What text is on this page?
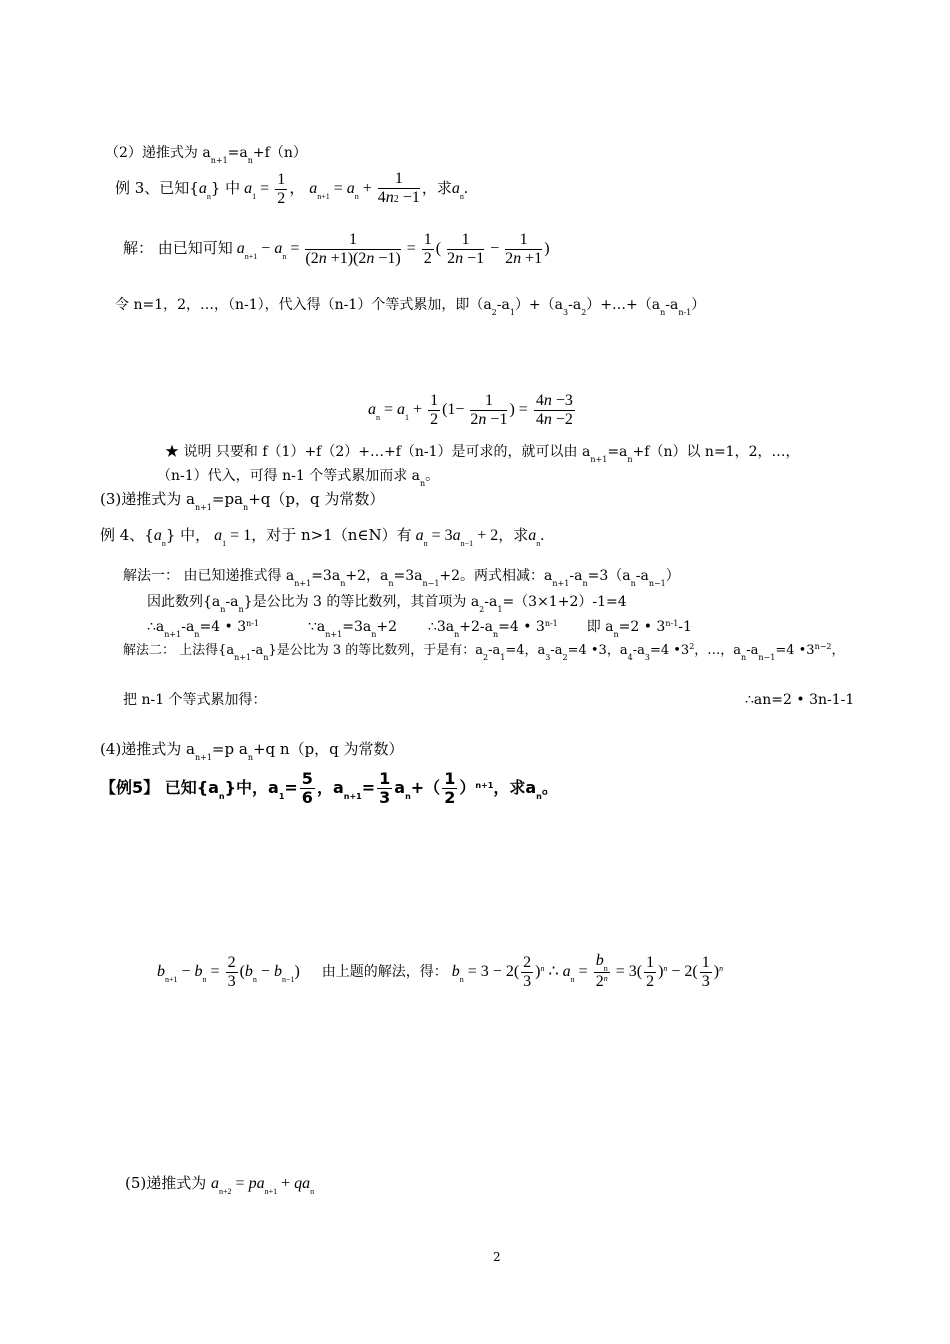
（2）递推式为 $a_{n+1}=a_n+f(n)$
例 3、已知$\{a_n\}$ 中 $a_1 = \frac{1}{2}$ ， $a_{n+1} = a_n + \frac{1}{4n2 -1}$ ，求$a_n$.
解： 由已知可知 $a_{n+1} - a_n = \frac{1}{(2n +1)(2n -1)} = \frac{1}{2}$ ( $\frac{1}{2n -1} - \frac{1}{2n +1}$ )
令 n=1，2，…，（n-1），代入得（n-1）个等式累加，即$(a_2-a_1)+(a_3-a_2)+\dots+(a_n-a_{n-1})$
$a_n = a_1 + \frac{1}{2} (1- \frac{1}{2n -1}$ ) = $\frac{4n -3}{4n -2}$
★ 说明 只要和 f（1）+f（2）+…+f（n-1）是可求的，就可以由 $a_{n+1}=a_n+f(n)$以 n=1，2，…，
（n-1）代入，可得 n-1 个等式累加而求 $a_n$。
(3)递推式为 $a_{n+1}=pa_n+q(p$，q 为常数）
例 4、$\{a_n\}$ 中， $a_1 = 1$，对于 n>1（n∈N）有 $a_n = 3a_{n-1} + 2$，求$a_n$.
解法一： 由已知递推式得 $a_{n+1}=3a_n+2$，$a_n=3a_{n-1}+2$。两式相减：$a_{n+1}-a_n=3(a_n-a_{n-1})$
因此数列$\{a_n-a_n\}$是公比为 3 的等比数列，其首项为 $a_2-a_1=(3\times 1+2)-1=4$
$\therefore a_{n+1}-a_n=4$ • 3$^{n-1}$	$\because a_{n+1}=3a_n+2$ $\therefore 3a_n+2-a_n=4$ • 3$^{n-1}$ 即 $a_n=2$ • 3$^{n-1}$-1
解法二： 上法得$\{a_{n+1}-a_n\}$是公比为 3 的等比数列，于是有：$a_2-a_1=4$，$a_3-a_2=4$ •3，$a_4-a_3=4$ $•3^2$，…，$a_n-a_{n-1}=4$ $•3^{n-2}$，
把 n-1 个等式累加得：	∴an=2 • 3n-1-1
(4)递推式为 $a_{n+1}=p$ $a_n+q$ n（p，q 为常数）
【例5】 已知$\{a_n\}$中，$a_1= \frac{5}{6}$ ，$a_{n+1}= \frac{1}{3} a_n+( \frac{1}{2} )^{n+1}$，求$a_n$。
$b_{n+1} - b_n = \frac{2}{3} (b_n - b_{n-1})$  由上题的解法，得： $b_n = 3 - 2( \frac{2}{3} )^n$ ∴ $a_n = \frac{b_n}{2^n} = 3( \frac{1}{2} )^n - 2( \frac{1}{3} )^n$
(5)递推式为 $a_{n+2} = pa_{n+1} + qa_n$
2
